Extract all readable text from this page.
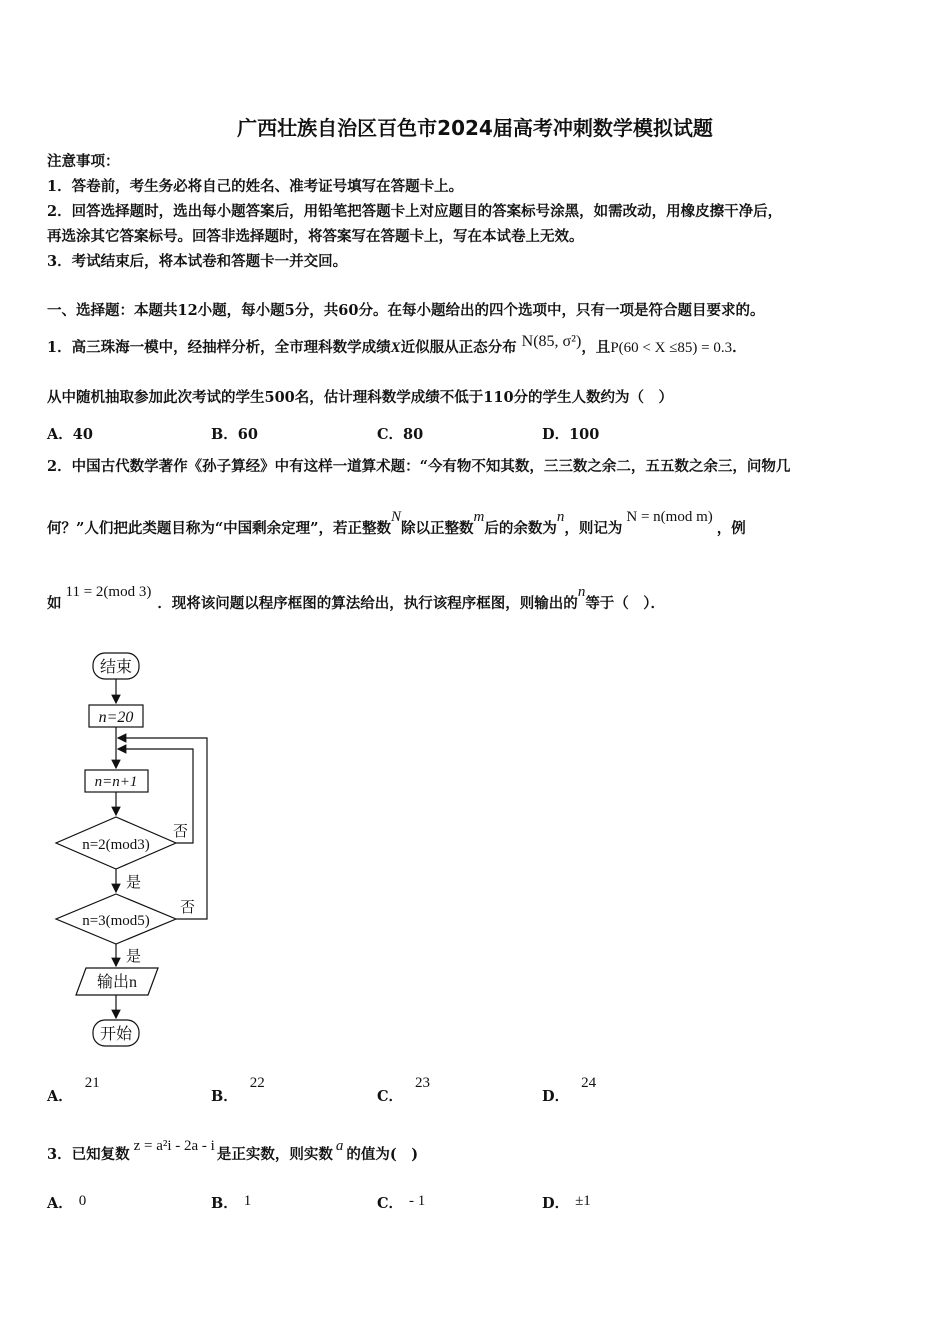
广西壮族自治区百色市2024届高考冲刺数学模拟试题
注意事项：
1．答卷前，考生务必将自己的姓名、准考证号填写在答题卡上。
2．回答选择题时，选出每小题答案后，用铅笔把答题卡上对应题目的答案标号涂黑，如需改动，用橡皮擦干净后，
再选涂其它答案标号。回答非选择题时，将答案写在答题卡上，写在本试卷上无效。
3．考试结束后，将本试卷和答题卡一并交回。
一、选择题：本题共12小题，每小题5分，共60分。在每小题给出的四个选项中，只有一项是符合题目要求的。
1．高三珠海一模中，经抽样分析，全市理科数学成绩X近似服从正态分布 N(85, σ²)，且P(60 < X ≤85) = 0.3．
从中随机抽取参加此次考试的学生500名，估计理科数学成绩不低于110分的学生人数约为（　）
A．40	B．60	C．80	D．100
2．中国古代数学著作《孙子算经》中有这样一道算术题：“今有物不知其数，三三数之余二，五五数之余三，问物几
何？”人们把此类题目称为“中国剩余定理”，若正整数N除以正整数m后的余数为n，则记为N = n(mod m)，例
如11 = 2(mod 3)．现将该问题以程序框图的算法给出，执行该程序框图，则输出的n等于（　）．
结束
n=20
n=n+1
n=2(mod3)
n=3(mod5)
否
否
是
是
输出n
开始
A．21
B．22
C．23
D．24
3．已知复数 z = a²i - 2a - i 是正实数，则实数 a 的值为(　)
A． 0	B． 1	C． - 1	D． ±1
